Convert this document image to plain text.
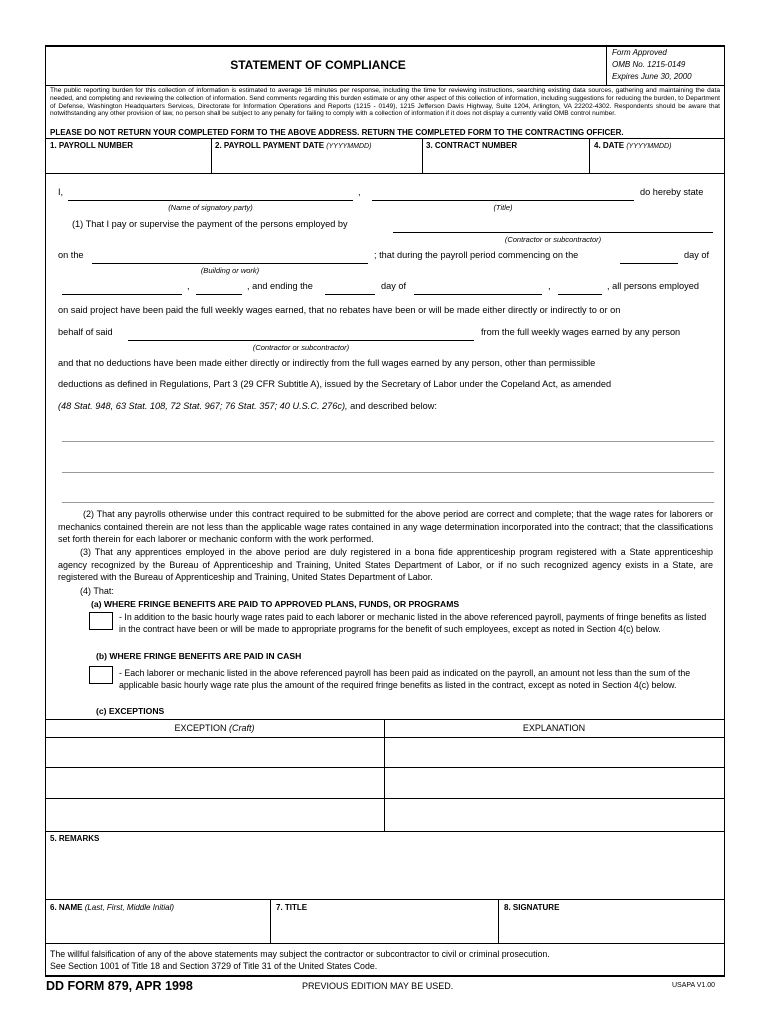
STATEMENT OF COMPLIANCE
Form Approved
OMB No. 1215-0149
Expires June 30, 2000
The public reporting burden for this collection of information is estimated to average 16 minutes per response, including the time for reviewing instructions, searching existing data sources, gathering and maintaining the data needed, and completing and reviewing the collection of information. Send comments regarding this burden estimate or any other aspect of this collection of information, including suggestions for reducing the burden, to Department of Defense, Washington Headquarters Services, Directorate for Information Operations and Reports (1215 - 0149), 1215 Jefferson Davis Highway, Suite 1204, Arlington, VA 22202-4302. Respondents should be aware that notwithstanding any other provision of law, no person shall be subject to any penalty for failing to comply with a collection of information if it does not display a currently valid OMB control number.
PLEASE DO NOT RETURN YOUR COMPLETED FORM TO THE ABOVE ADDRESS. RETURN THE COMPLETED FORM TO THE CONTRACTING OFFICER.
1. PAYROLL NUMBER	2. PAYROLL PAYMENT DATE (YYYYMMDD)	3. CONTRACT NUMBER	4. DATE (YYYYMMDD)
I,	,	do hereby state
(Name of signatory party)	(Title)
(1) That I pay or supervise the payment of the persons employed by
(Contractor or subcontractor)
on the	; that during the payroll period commencing on the	day of
(Building or work)
,	, and ending the	day of	,	, all persons employed
on said project have been paid the full weekly wages earned, that no rebates have been or will be made either directly or indirectly to or on
behalf of said	from the full weekly wages earned by any person
(Contractor or subcontractor)
and that no deductions have been made either directly or indirectly from the full wages earned by any person, other than permissible
deductions as defined in Regulations, Part 3 (29 CFR Subtitle A), issued by the Secretary of Labor under the Copeland Act, as amended
(48 Stat. 948, 63 Stat. 108, 72 Stat. 967; 76 Stat. 357; 40 U.S.C. 276c), and described below:
(2) That any payrolls otherwise under this contract required to be submitted for the above period are correct and complete; that the wage rates for laborers or mechanics contained therein are not less than the applicable wage rates contained in any wage determination incorporated into the contract; that the classifications set forth therein for each laborer or mechanic conform with the work performed.
(3) That any apprentices employed in the above period are duly registered in a bona fide apprenticeship program registered with a State apprenticeship agency recognized by the Bureau of Apprenticeship and Training, United States Department of Labor, or if no such recognized agency exists in a State, are registered with the Bureau of Apprenticeship and Training, United States Department of Labor.
(4) That:
(a) WHERE FRINGE BENEFITS ARE PAID TO APPROVED PLANS, FUNDS, OR PROGRAMS
- In addition to the basic hourly wage rates paid to each laborer or mechanic listed in the above referenced payroll, payments of fringe benefits as listed in the contract have been or will be made to appropriate programs for the benefit of such employees, except as noted in Section 4(c) below.
(b) WHERE FRINGE BENEFITS ARE PAID IN CASH
- Each laborer or mechanic listed in the above referenced payroll has been paid as indicated on the payroll, an amount not less than the sum of the applicable basic hourly wage rate plus the amount of the required fringe benefits as listed in the contract, except as noted in Section 4(c) below.
(c) EXCEPTIONS
EXCEPTION (Craft)	EXPLANATION
5. REMARKS
6. NAME (Last, First, Middle Initial)	7. TITLE	8. SIGNATURE
The willful falsification of any of the above statements may subject the contractor or subcontractor to civil or criminal prosecution.
See Section 1001 of Title 18 and Section 3729 of Title 31 of the United States Code.
DD FORM 879, APR 1998	PREVIOUS EDITION MAY BE USED.	USAPA V1.00
